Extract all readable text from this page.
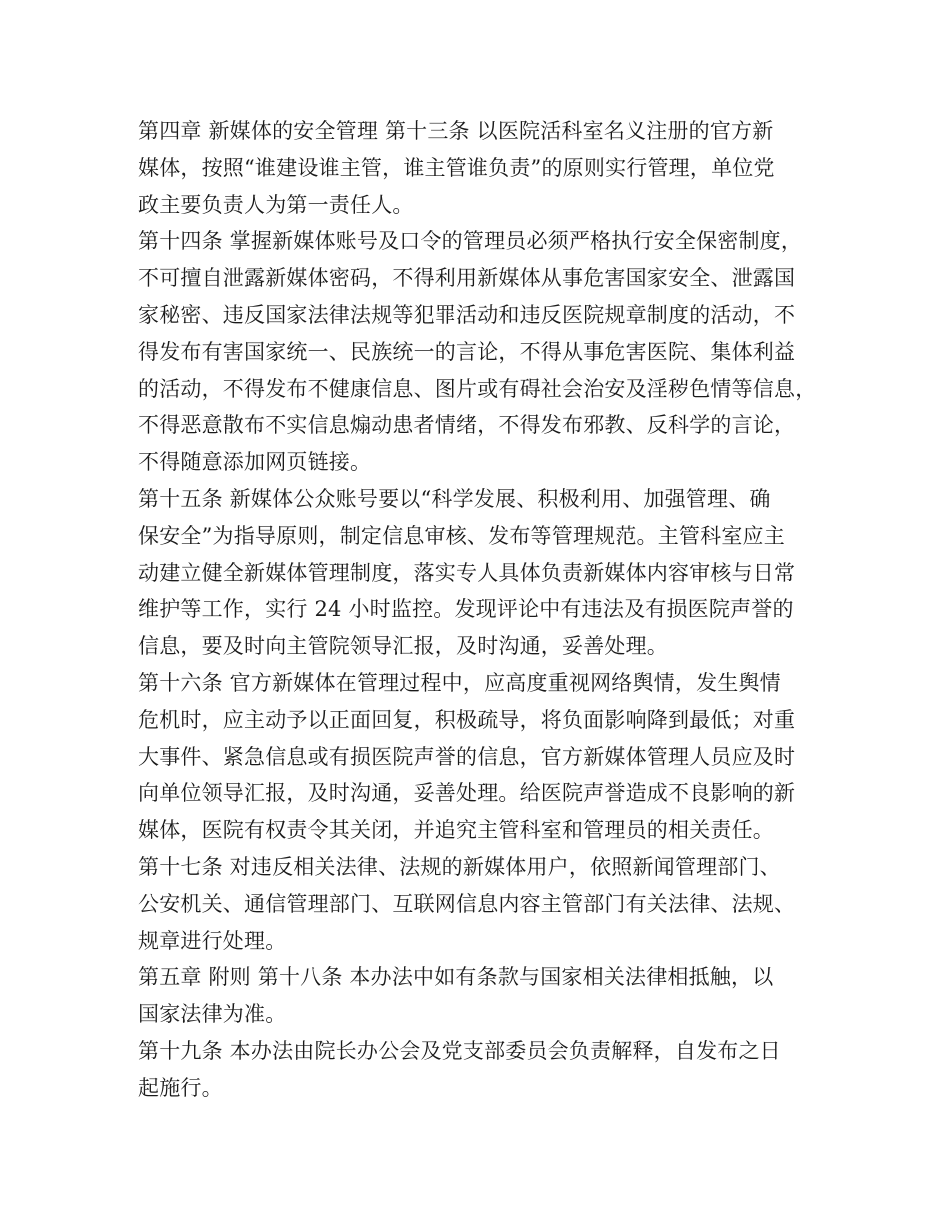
第四章 新媒体的安全管理 第十三条 以医院活科室名义注册的官方新
媒体，按照“谁建设谁主管，谁主管谁负责”的原则实行管理，单位党
政主要负责人为第一责任人。
第十四条 掌握新媒体账号及口令的管理员必须严格执行安全保密制度，
不可擅自泄露新媒体密码，不得利用新媒体从事危害国家安全、泄露国
家秘密、违反国家法律法规等犯罪活动和违反医院规章制度的活动，不
得发布有害国家统一、民族统一的言论，不得从事危害医院、集体利益
的活动，不得发布不健康信息、图片或有碍社会治安及淫秽色情等信息，
不得恶意散布不实信息煽动患者情绪，不得发布邪教、反科学的言论，
不得随意添加网页链接。
第十五条 新媒体公众账号要以“科学发展、积极利用、加强管理、确
保安全”为指导原则，制定信息审核、发布等管理规范。主管科室应主
动建立健全新媒体管理制度，落实专人具体负责新媒体内容审核与日常
维护等工作，实行 24 小时监控。发现评论中有违法及有损医院声誉的
信息，要及时向主管院领导汇报，及时沟通，妥善处理。
第十六条 官方新媒体在管理过程中，应高度重视网络舆情，发生舆情
危机时，应主动予以正面回复，积极疏导，将负面影响降到最低；对重
大事件、紧急信息或有损医院声誉的信息，官方新媒体管理人员应及时
向单位领导汇报，及时沟通，妥善处理。给医院声誉造成不良影响的新
媒体，医院有权责令其关闭，并追究主管科室和管理员的相关责任。
第十七条 对违反相关法律、法规的新媒体用户，依照新闻管理部门、
公安机关、通信管理部门、互联网信息内容主管部门有关法律、法规、
规章进行处理。
第五章 附则 第十八条 本办法中如有条款与国家相关法律相抵触，以
国家法律为准。
第十九条 本办法由院长办公会及党支部委员会负责解释，自发布之日
起施行。
